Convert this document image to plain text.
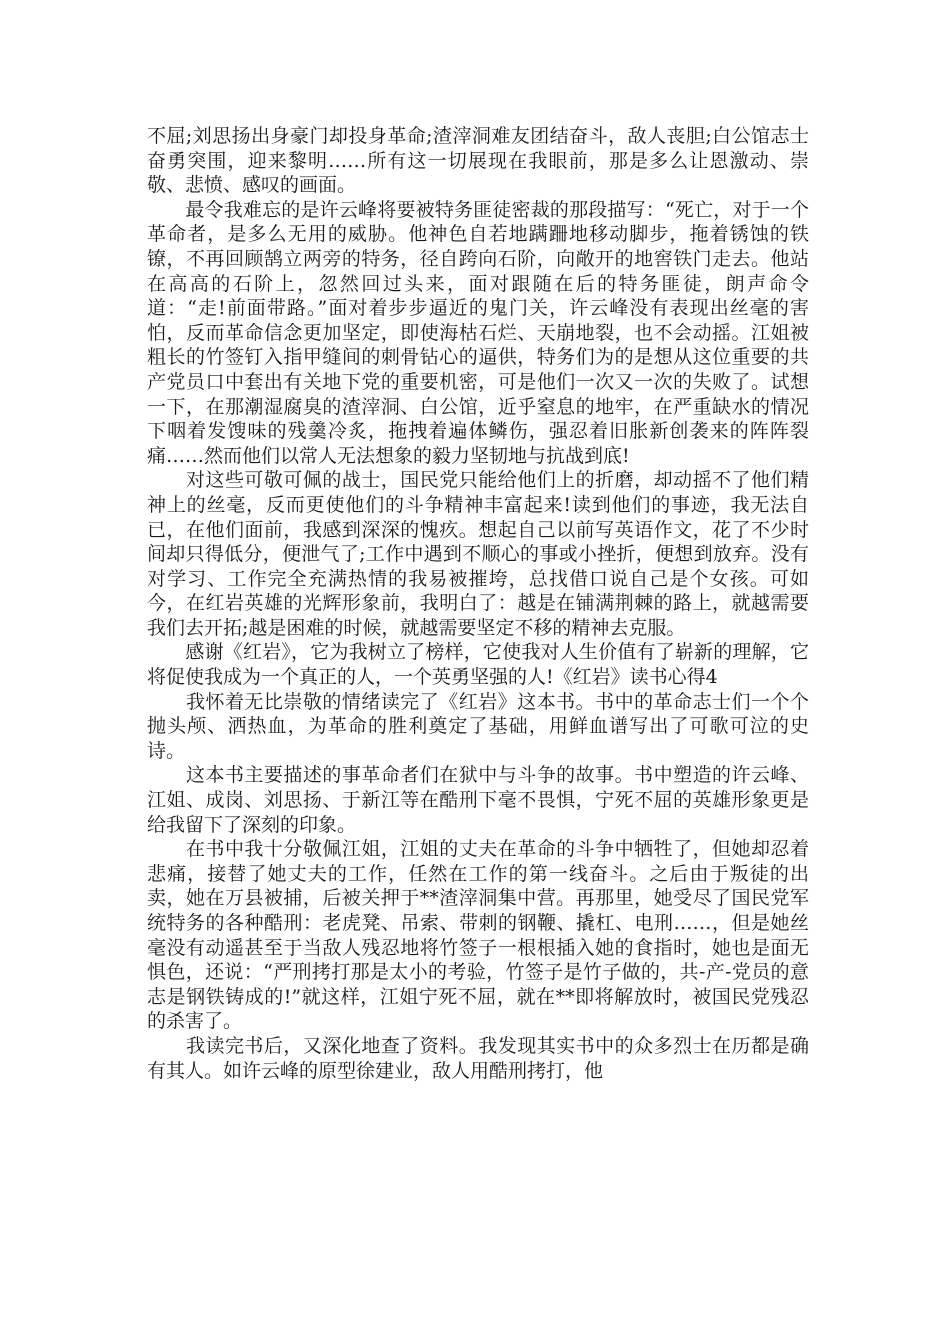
不屈;刘思扬出身豪门却投身革命;渣滓洞难友团结奋斗，敌人丧胆;白公馆志士奋勇突围，迎来黎明……所有这一切展现在我眼前，那是多么让恩激动、崇敬、悲愤、感叹的画面。

　　最令我难忘的是许云峰将要被特务匪徒密裁的那段描写：“死亡，对于一个革命者，是多么无用的威胁。他神色自若地蹒跚地移动脚步，拖着锈蚀的铁镣，不再回顾鹄立两旁的特务，径自跨向石阶，向敞开的地窖铁门走去。他站在高高的石阶上，忽然回过头来，面对跟随在后的特务匪徒，朗声命令道：“走!前面带路。”面对着步步逼近的鬼门关，许云峰没有表现出丝毫的害怕，反而革命信念更加坚定，即使海枯石烂、天崩地裂，也不会动摇。江姐被粗长的竹签钉入指甲缝间的刺骨钻心的逼供，特务们为的是想从这位重要的共产党员口中套出有关地下党的重要机密，可是他们一次又一次的失败了。试想一下，在那潮湿腐臭的渣滓洞、白公馆，近乎窒息的地牢，在严重缺水的情况下咽着发馊味的残羹冷炙，拖拽着遍体鳞伤，强忍着旧胀新创袭来的阵阵裂痛……然而他们以常人无法想象的毅力坚韧地与抗战到底!

　　对这些可敬可佩的战士，国民党只能给他们上的折磨，却动摇不了他们精神上的丝毫，反而更使他们的斗争精神丰富起来!读到他们的事迹，我无法自已，在他们面前，我感到深深的愧疚。想起自己以前写英语作文，花了不少时间却只得低分，便泄气了;工作中遇到不顺心的事或小挫折，便想到放弃。没有对学习、工作完全充满热情的我易被摧垮，总找借口说自己是个女孩。可如今，在红岩英雄的光辉形象前，我明白了：越是在铺满荆棘的路上，就越需要我们去开拓;越是困难的时候，就越需要坚定不移的精神去克服。

　　感谢《红岩》，它为我树立了榜样，它使我对人生价值有了崭新的理解，它将促使我成为一个真正的人，一个英勇坚强的人!《红岩》读书心得4

　　我怀着无比崇敬的情绪读完了《红岩》这本书。书中的革命志士们一个个抛头颅、洒热血，为革命的胜利奠定了基础，用鲜血谱写出了可歌可泣的史诗。

　　这本书主要描述的事革命者们在狱中与斗争的故事。书中塑造的许云峰、江姐、成岗、刘思扬、于新江等在酷刑下毫不畏惧，宁死不屈的英雄形象更是给我留下了深刻的印象。

　　在书中我十分敬佩江姐，江姐的丈夫在革命的斗争中牺牲了，但她却忍着悲痛，接替了她丈夫的工作，任然在工作的第一线奋斗。之后由于叛徒的出卖，她在万县被捕，后被关押于**渣滓洞集中营。再那里，她受尽了国民党军统特务的各种酷刑：老虎凳、吊索、带刺的钢鞭、撬杠、电刑……，但是她丝毫没有动遥甚至于当敌人残忍地将竹签子一根根插入她的食指时，她也是面无惧色，还说：“严刑拷打那是太小的考验，竹签子是竹子做的，共-产-党员的意志是钢铁铸成的!”就这样，江姐宁死不屈，就在**即将解放时，被国民党残忍的杀害了。

　　我读完书后，又深化地查了资料。我发现其实书中的众多烈士在历都是确有其人。如许云峰的原型徐建业，敌人用酷刑拷打，他
